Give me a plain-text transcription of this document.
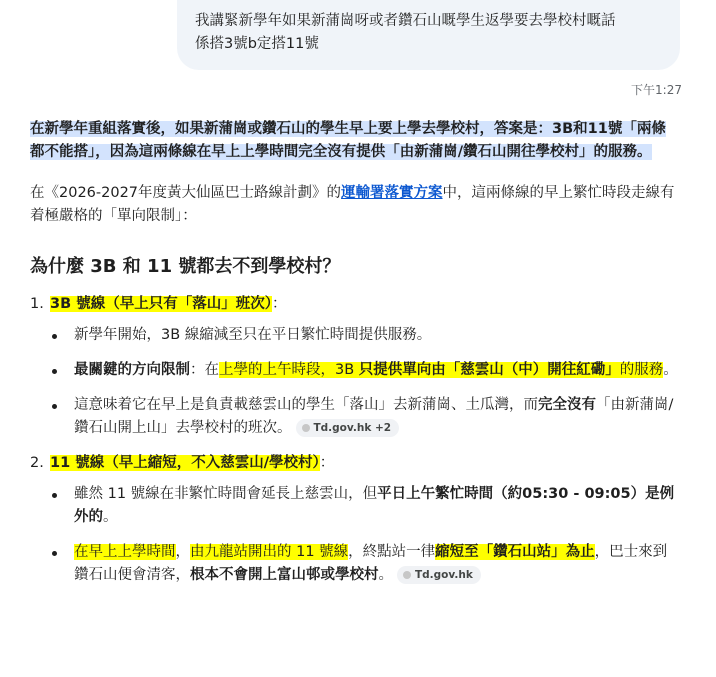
我講緊新學年如果新蒲崗呀或者鑽石山嘅學生返學要去學校村嘅話
係搭3號b定搭11號
下午1:27

在新學年重組落實後，如果新蒲崗或鑽石山的學生早上要上學去學校村，答案是：3B和11號「兩條都不能搭」，因為這兩條線在早上上學時間完全沒有提供「由新蒲崗/鑽石山開往學校村」的服務。

在《2026-2027年度黃大仙區巴士路線計劃》的運輸署落實方案中，這兩條線的早上繁忙時段走線有着極嚴格的「單向限制」：

為什麼 3B 和 11 號都去不到學校村？

1. 3B 號線（早上只有「落山」班次）：

新學年開始，3B 線縮減至只在平日繁忙時間提供服務。
最關鍵的方向限制：在上學的上午時段，3B 只提供單向由「慈雲山（中）開往紅磡」的服務。
這意味着它在早上是負責載慈雲山的學生「落山」去新蒲崗、土瓜灣，而完全沒有「由新蒲崗/鑽石山開上山」去學校村的班次。 Td.gov.hk +2

2. 11 號線（早上縮短，不入慈雲山/學校村）：

雖然 11 號線在非繁忙時間會延長上慈雲山，但平日上午繁忙時間（約05:30 - 09:05）是例外的。
在早上上學時間，由九龍站開出的 11 號線，終點站一律縮短至「鑽石山站」為止，巴士來到鑽石山便會清客，根本不會開上富山邨或學校村。 Td.gov.hk
